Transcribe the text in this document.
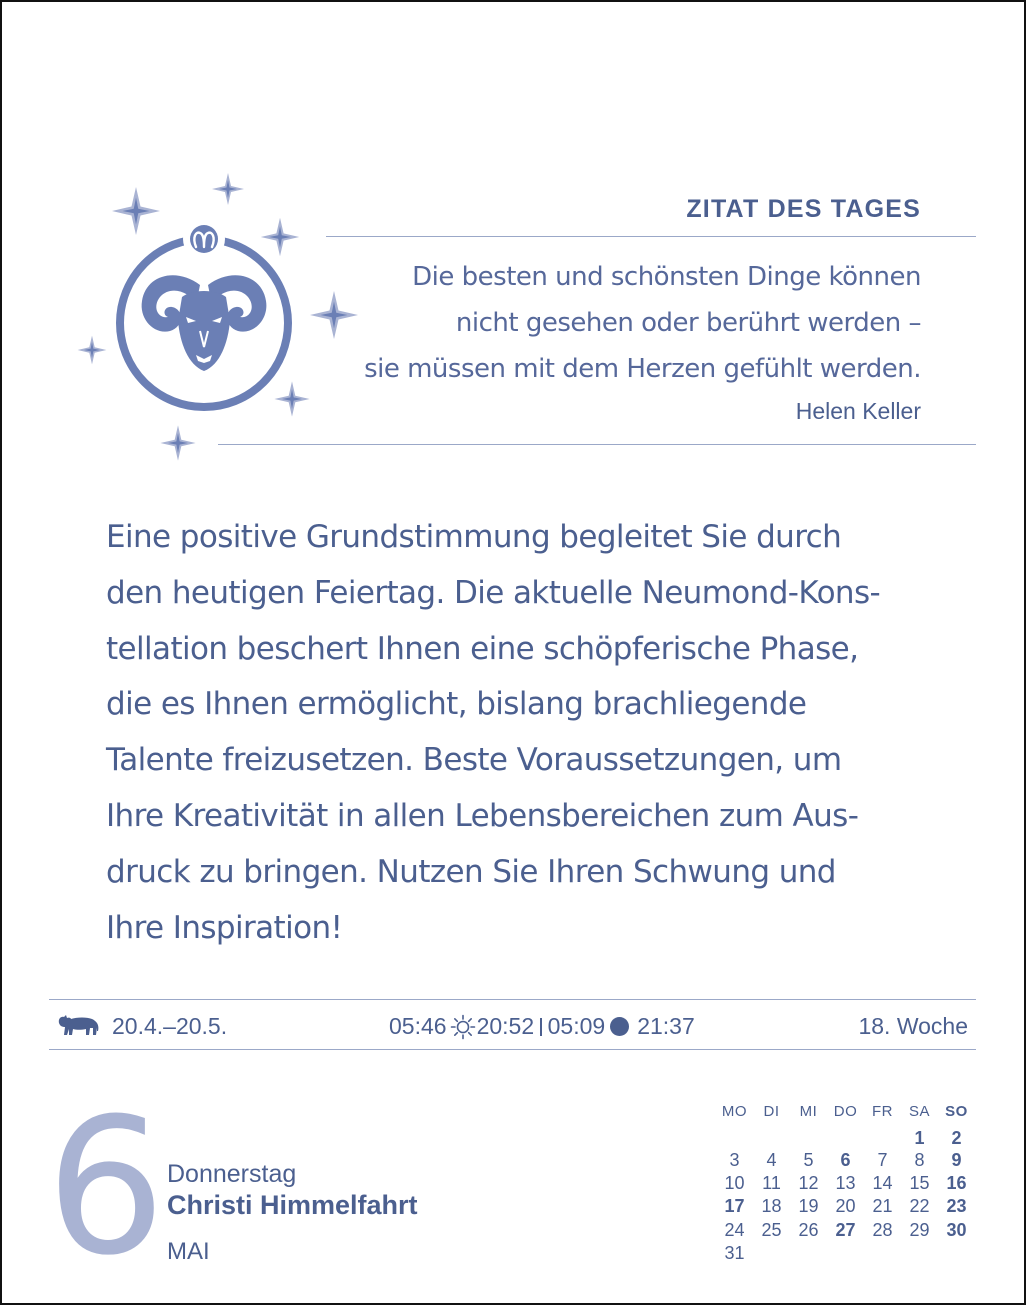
ZITAT DES TAGES
Die besten und schönsten Dinge können
nicht gesehen oder berührt werden –
sie müssen mit dem Herzen gefühlt werden.
Helen Keller
Eine positive Grundstimmung begleitet Sie durch
den heutigen Feiertag. Die aktuelle Neumond-Kons-
tellation beschert Ihnen eine schöpferische Phase,
die es Ihnen ermöglicht, bislang brachliegende
Talente freizusetzen. Beste Voraussetzungen, um
Ihre Kreativität in allen Lebensbereichen zum Aus-
druck zu bringen. Nutzen Sie Ihren Schwung und
Ihre Inspiration!
20.4.–20.5.	05:46 20:52 05:09 21:37	18. Woche
6 Donnerstag
Christi Himmelfahrt
MAI
MO	DI	MI	DO	FR	SA	SO
					1	2
3	4	5	6	7	8	9
10	11	12	13	14	15	16
17	18	19	20	21	22	23
24	25	26	27	28	29	30
31						
